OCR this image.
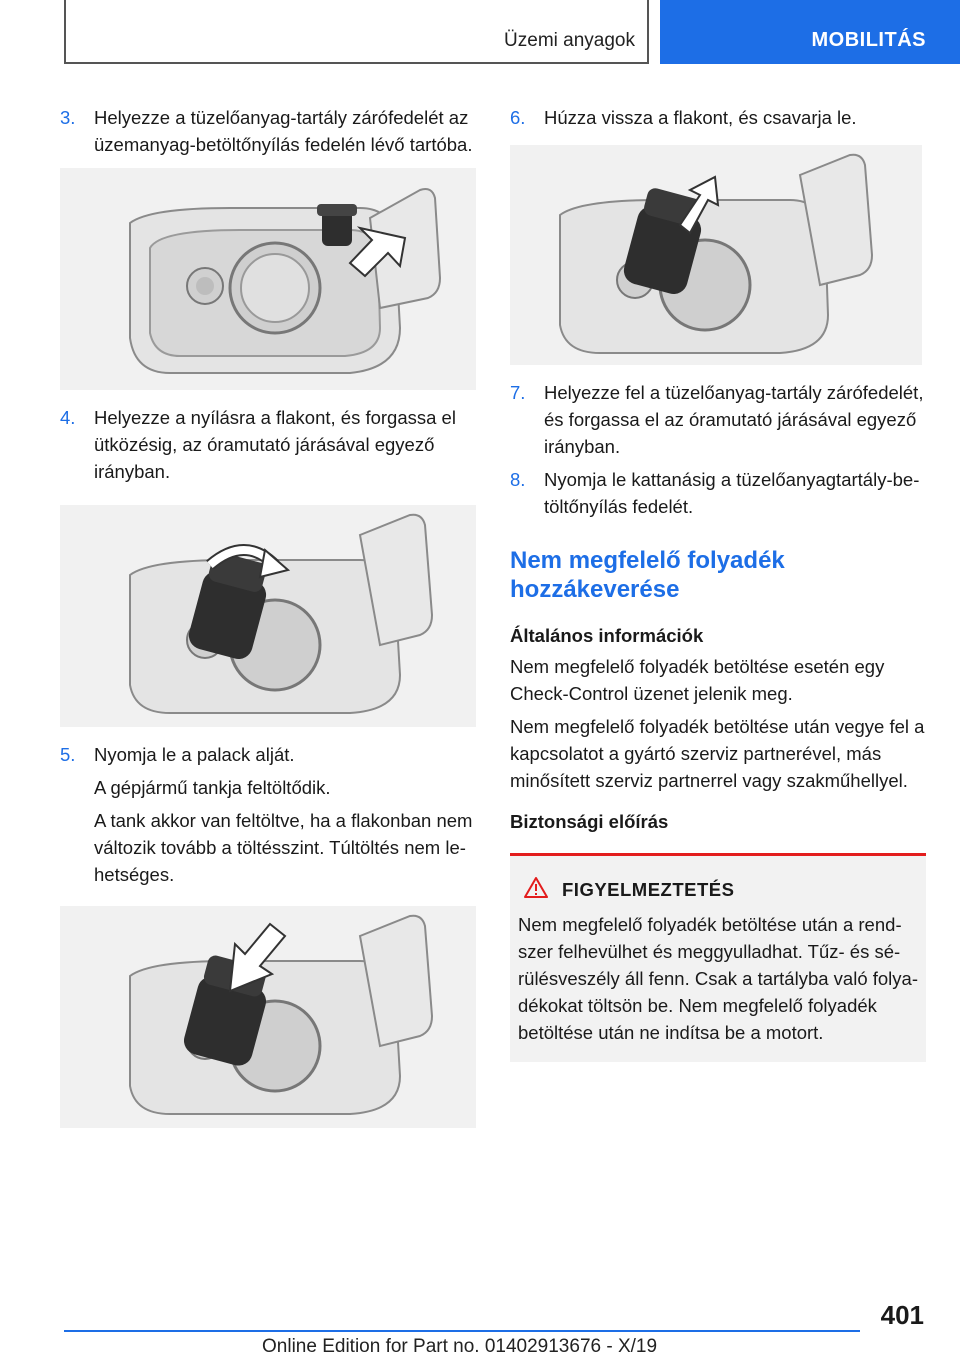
Üzemi anyagok	MOBILITÁS
3.	Helyezze a tüzelőanyag-tartály zárófedelét az üzemanyag-betöltőnyílás fedelén lévő tartóba.
4.	Helyezze a nyílásra a flakont, és forgassa el ütközésig, az óramutató járásával egyező irányban.
5.	Nyomja le a palack alját.

A gépjármű tankja feltöltődik.

A tank akkor van feltöltve, ha a flakonban nem változik tovább a töltésszint. Túltöltés nem lehetséges.

6.	Húzza vissza a flakont, és csavarja le.
7.	Helyezze fel a tüzelőanyag-tartály zárófedelét, és forgassa el az óramutató járásával egyező irányban.
8.	Nyomja le kattanásig a tüzelőanyagtartály-betöltőnyílás fedelét.
Nem megfelelő folyadék hozzákeverése
Általános információk

Nem megfelelő folyadék betöltése esetén egy Check-Control üzenet jelenik meg.

Nem megfelelő folyadék betöltése után vegye fel a kapcsolatot a gyártó szerviz partnerével, más minősített szerviz partnerrel vagy szakműhellyel.

Biztonsági előírás
FIGYELMEZTETÉS
Nem megfelelő folyadék betöltése után a rendszer felhevülhet és meggyulladhat. Tűz- és sérülésveszély áll fenn. Csak a tartályba való folyadékokat töltsön be. Nem megfelelő folyadék betöltése után ne indítsa be a motort.
401
Online Edition for Part no. 01402913676 - X/19
